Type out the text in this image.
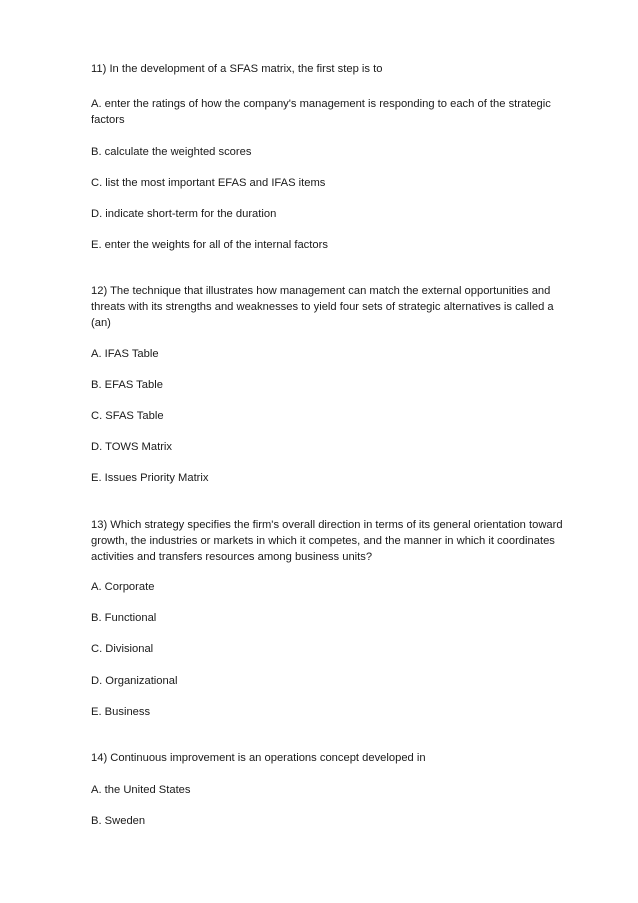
11) In the development of a SFAS matrix, the first step is to
A. enter the ratings of how the company's management is responding to each of the strategic
factors
B. calculate the weighted scores
C. list the most important EFAS and IFAS items
D. indicate short-term for the duration
E. enter the weights for all of the internal factors
12) The technique that illustrates how management can match the external opportunities and
threats with its strengths and weaknesses to yield four sets of strategic alternatives is called a
(an)
A. IFAS Table
B. EFAS Table
C. SFAS Table
D. TOWS Matrix
E. Issues Priority Matrix
13) Which strategy specifies the firm's overall direction in terms of its general orientation toward
growth, the industries or markets in which it competes, and the manner in which it coordinates
activities and transfers resources among business units?
A. Corporate
B. Functional
C. Divisional
D. Organizational
E. Business
14) Continuous improvement is an operations concept developed in
A. the United States
B. Sweden
